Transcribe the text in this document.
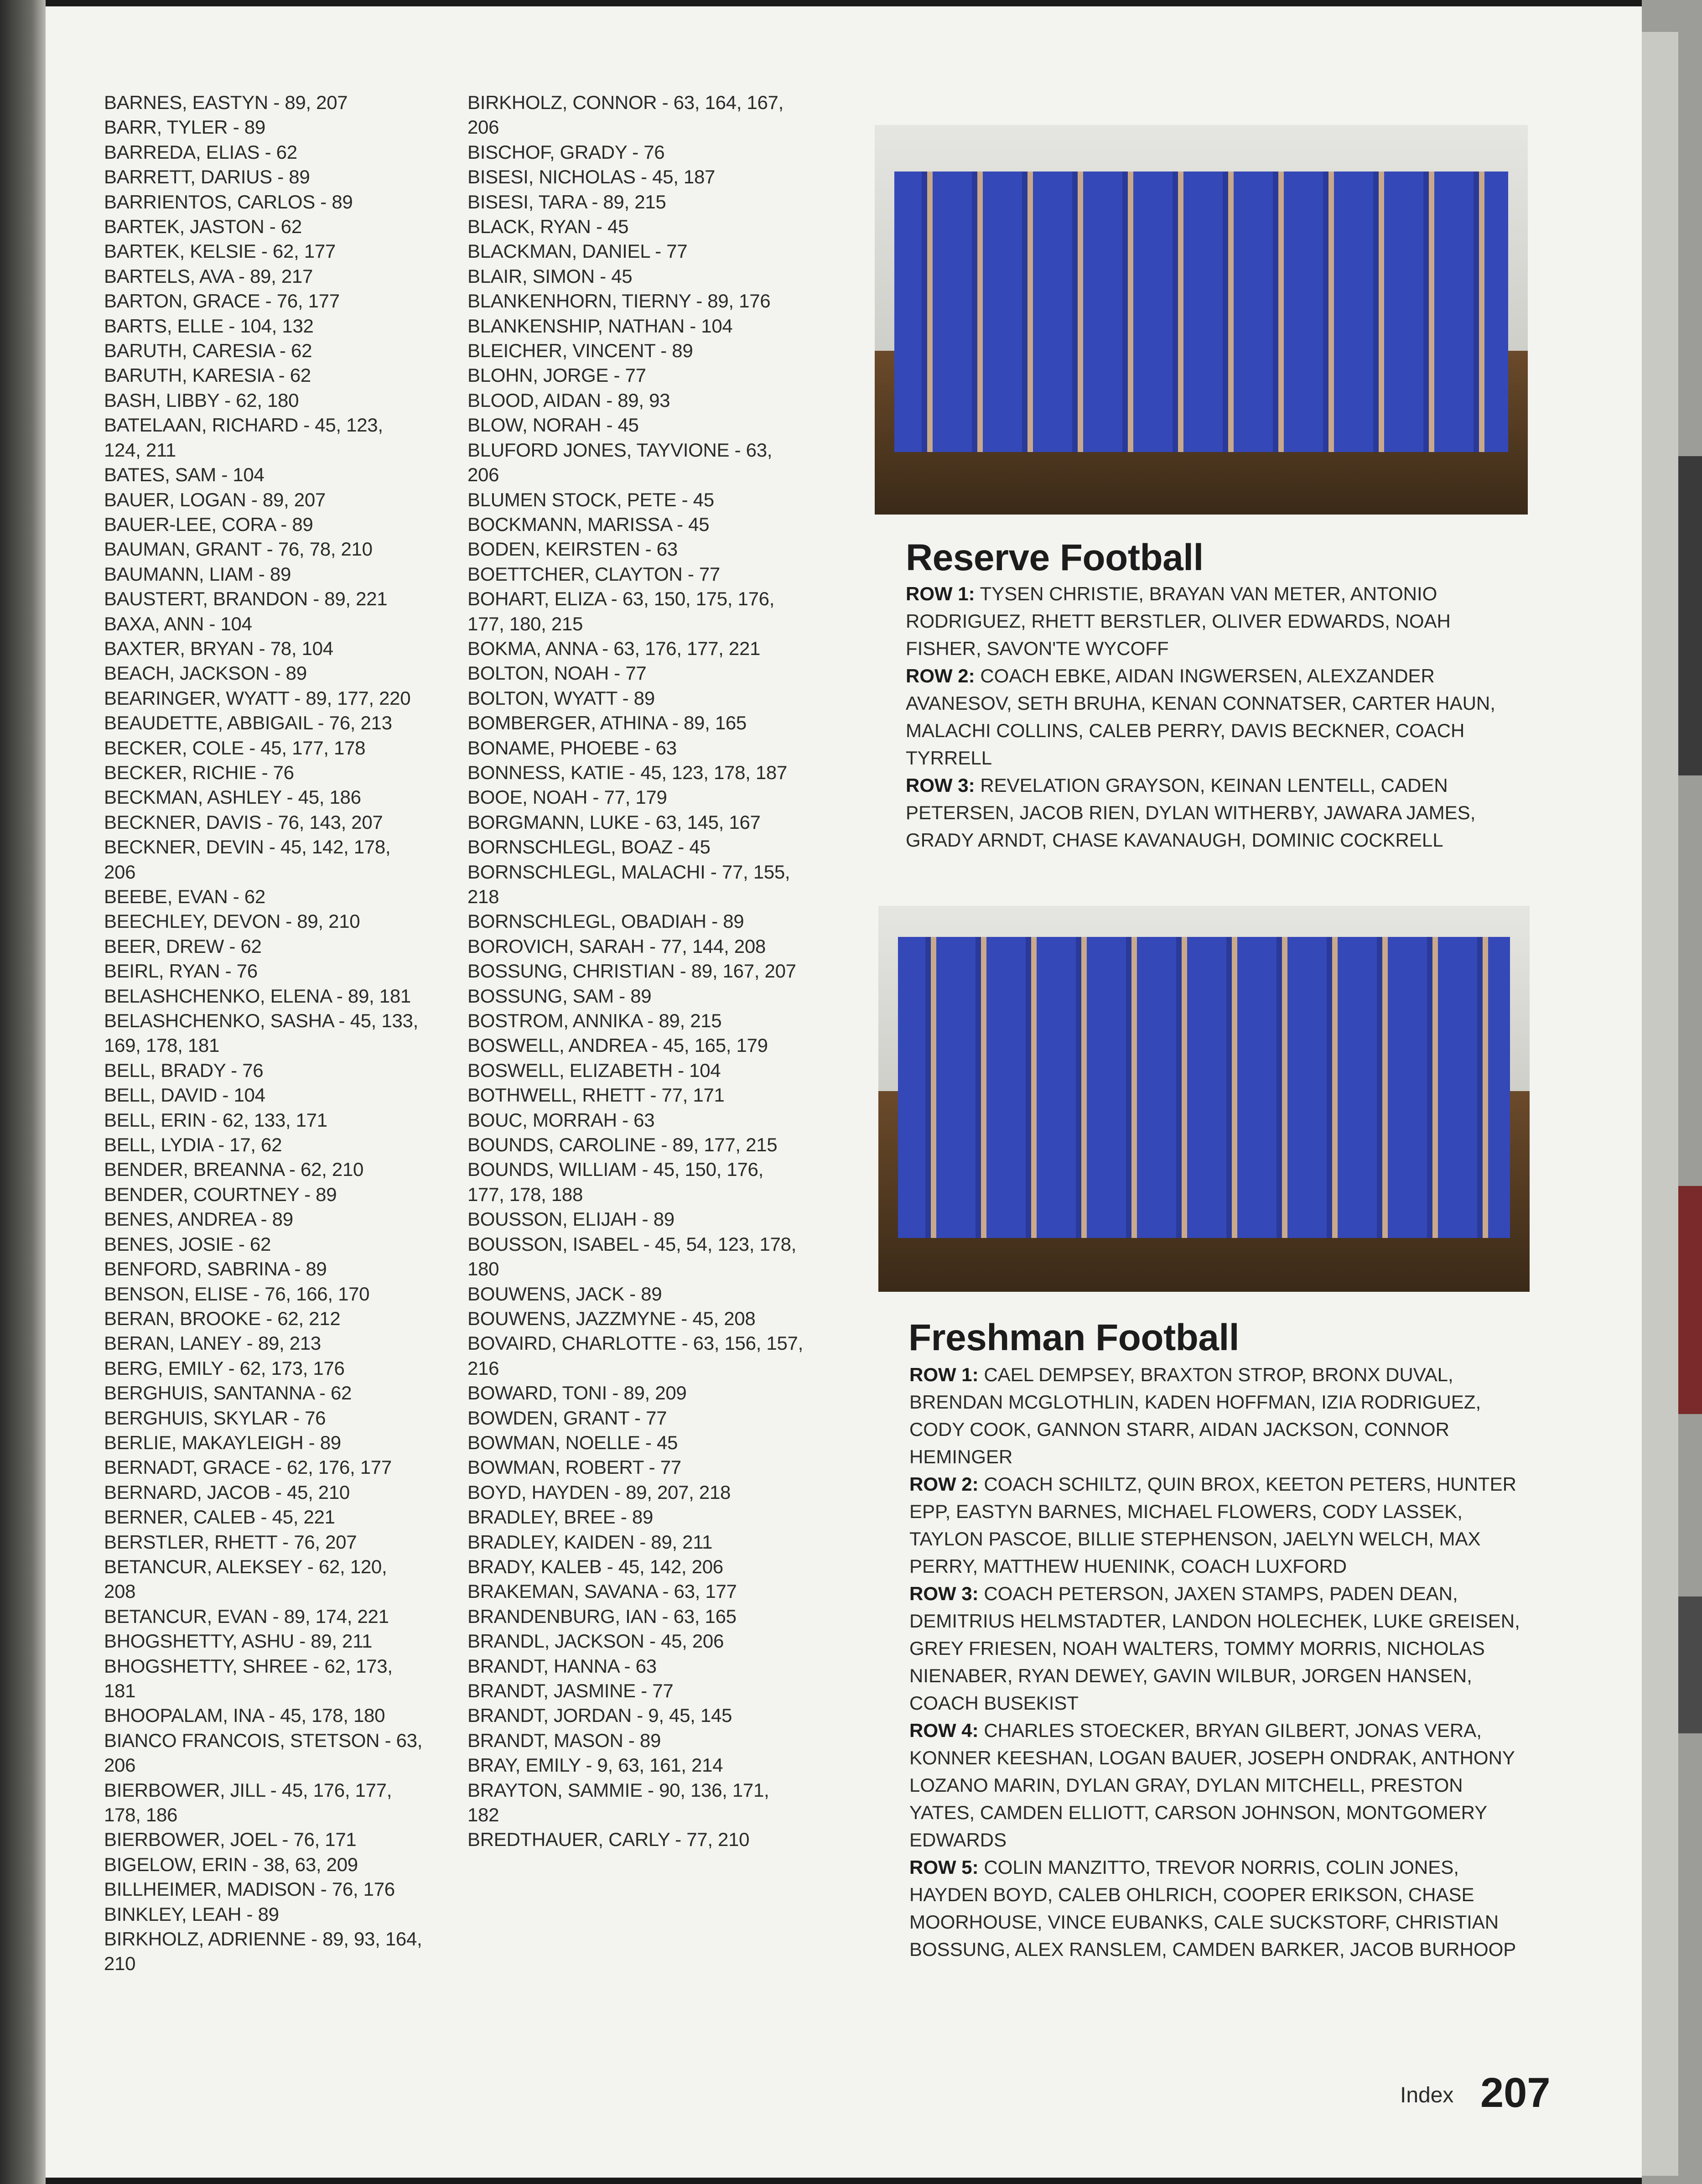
BARNES, EASTYN - 89, 207

BARR, TYLER - 89

BARREDA, ELIAS - 62

BARRETT, DARIUS - 89

BARRIENTOS, CARLOS - 89

BARTEK, JASTON - 62

BARTEK, KELSIE - 62, 177

BARTELS, AVA - 89, 217

BARTON, GRACE - 76, 177

BARTS, ELLE - 104, 132

BARUTH, CARESIA - 62

BARUTH, KARESIA - 62

BASH, LIBBY - 62, 180

BATELAAN, RICHARD - 45, 123, 124, 211

BATES, SAM - 104

BAUER, LOGAN - 89, 207

BAUER-LEE, CORA - 89

BAUMAN, GRANT - 76, 78, 210

BAUMANN, LIAM - 89

BAUSTERT, BRANDON - 89, 221

BAXA, ANN - 104

BAXTER, BRYAN - 78, 104

BEACH, JACKSON - 89

BEARINGER, WYATT - 89, 177, 220

BEAUDETTE, ABBIGAIL - 76, 213

BECKER, COLE - 45, 177, 178

BECKER, RICHIE - 76

BECKMAN, ASHLEY - 45, 186

BECKNER, DAVIS - 76, 143, 207

BECKNER, DEVIN - 45, 142, 178, 206

BEEBE, EVAN - 62

BEECHLEY, DEVON - 89, 210

BEER, DREW - 62

BEIRL, RYAN - 76

BELASHCHENKO, ELENA - 89, 181

BELASHCHENKO, SASHA - 45, 133, 169, 178, 181

BELL, BRADY - 76

BELL, DAVID - 104

BELL, ERIN - 62, 133, 171

BELL, LYDIA - 17, 62

BENDER, BREANNA - 62, 210

BENDER, COURTNEY - 89

BENES, ANDREA - 89

BENES, JOSIE - 62

BENFORD, SABRINA - 89

BENSON, ELISE - 76, 166, 170

BERAN, BROOKE - 62, 212

BERAN, LANEY - 89, 213

BERG, EMILY - 62, 173, 176

BERGHUIS, SANTANNA - 62

BERGHUIS, SKYLAR - 76

BERLIE, MAKAYLEIGH - 89

BERNADT, GRACE - 62, 176, 177

BERNARD, JACOB - 45, 210

BERNER, CALEB - 45, 221

BERSTLER, RHETT - 76, 207

BETANCUR, ALEKSEY - 62, 120, 208

BETANCUR, EVAN - 89, 174, 221

BHOGSHETTY, ASHU - 89, 211

BHOGSHETTY, SHREE - 62, 173, 181

BHOOPALAM, INA - 45, 178, 180

BIANCO FRANCOIS, STETSON - 63, 206

BIERBOWER, JILL - 45, 176, 177, 178, 186

BIERBOWER, JOEL - 76, 171

BIGELOW, ERIN - 38, 63, 209

BILLHEIMER, MADISON - 76, 176

BINKLEY, LEAH - 89

BIRKHOLZ, ADRIENNE - 89, 93, 164, 210

BIRKHOLZ, CONNOR - 63, 164, 167, 206

BISCHOF, GRADY - 76

BISESI, NICHOLAS - 45, 187

BISESI, TARA - 89, 215

BLACK, RYAN - 45

BLACKMAN, DANIEL - 77

BLAIR, SIMON - 45

BLANKENHORN, TIERNY - 89, 176

BLANKENSHIP, NATHAN - 104

BLEICHER, VINCENT - 89

BLOHN, JORGE - 77

BLOOD, AIDAN - 89, 93

BLOW, NORAH - 45

BLUFORD JONES, TAYVIONE - 63, 206

BLUMEN STOCK, PETE - 45

BOCKMANN, MARISSA - 45

BODEN, KEIRSTEN - 63

BOETTCHER, CLAYTON - 77

BOHART, ELIZA - 63, 150, 175, 176, 177, 180, 215

BOKMA, ANNA - 63, 176, 177, 221

BOLTON, NOAH - 77

BOLTON, WYATT - 89

BOMBERGER, ATHINA - 89, 165

BONAME, PHOEBE - 63

BONNESS, KATIE - 45, 123, 178, 187

BOOE, NOAH - 77, 179

BORGMANN, LUKE - 63, 145, 167

BORNSCHLEGL, BOAZ - 45

BORNSCHLEGL, MALACHI - 77, 155, 218

BORNSCHLEGL, OBADIAH - 89

BOROVICH, SARAH - 77, 144, 208

BOSSUNG, CHRISTIAN - 89, 167, 207

BOSSUNG, SAM - 89

BOSTROM, ANNIKA - 89, 215

BOSWELL, ANDREA - 45, 165, 179

BOSWELL, ELIZABETH - 104

BOTHWELL, RHETT - 77, 171

BOUC, MORRAH - 63

BOUNDS, CAROLINE - 89, 177, 215

BOUNDS, WILLIAM - 45, 150, 176, 177, 178, 188

BOUSSON, ELIJAH - 89

BOUSSON, ISABEL - 45, 54, 123, 178, 180

BOUWENS, JACK - 89

BOUWENS, JAZZMYNE - 45, 208

BOVAIRD, CHARLOTTE - 63, 156, 157, 216

BOWARD, TONI - 89, 209

BOWDEN, GRANT - 77

BOWMAN, NOELLE - 45

BOWMAN, ROBERT - 77

BOYD, HAYDEN - 89, 207, 218

BRADLEY, BREE - 89

BRADLEY, KAIDEN - 89, 211

BRADY, KALEB - 45, 142, 206

BRAKEMAN, SAVANA - 63, 177

BRANDENBURG, IAN - 63, 165

BRANDL, JACKSON - 45, 206

BRANDT, HANNA - 63

BRANDT, JASMINE - 77

BRANDT, JORDAN - 9, 45, 145

BRANDT, MASON - 89

BRAY, EMILY - 9, 63, 161, 214

BRAYTON, SAMMIE - 90, 136, 171, 182

BREDTHAUER, CARLY - 77, 210

Reserve Football
ROW 1: TYSEN CHRISTIE, BRAYAN VAN METER, ANTONIO RODRIGUEZ, RHETT BERSTLER, OLIVER EDWARDS, NOAH FISHER, SAVON'TE WYCOFF
ROW 2: COACH EBKE, AIDAN INGWERSEN, ALEXZANDER AVANESOV, SETH BRUHA, KENAN CONNATSER, CARTER HAUN, MALACHI COLLINS, CALEB PERRY, DAVIS BECKNER, COACH TYRRELL
ROW 3: REVELATION GRAYSON, KEINAN LENTELL, CADEN PETERSEN, JACOB RIEN, DYLAN WITHERBY, JAWARA JAMES, GRADY ARNDT, CHASE KAVANAUGH, DOMINIC COCKRELL
Freshman Football
ROW 1: CAEL DEMPSEY, BRAXTON STROP, BRONX DUVAL, BRENDAN MCGLOTHLIN, KADEN HOFFMAN, IZIA RODRIGUEZ, CODY COOK, GANNON STARR, AIDAN JACKSON, CONNOR HEMINGER
ROW 2: COACH SCHILTZ, QUIN BROX, KEETON PETERS, HUNTER EPP, EASTYN BARNES, MICHAEL FLOWERS, CODY LASSEK, TAYLON PASCOE, BILLIE STEPHENSON, JAELYN WELCH, MAX PERRY, MATTHEW HUENINK, COACH LUXFORD
ROW 3: COACH PETERSON, JAXEN STAMPS, PADEN DEAN, DEMITRIUS HELMSTADTER, LANDON HOLECHEK, LUKE GREISEN, GREY FRIESEN, NOAH WALTERS, TOMMY MORRIS, NICHOLAS NIENABER, RYAN DEWEY, GAVIN WILBUR, JORGEN HANSEN, COACH BUSEKIST
ROW 4: CHARLES STOECKER, BRYAN GILBERT, JONAS VERA, KONNER KEESHAN, LOGAN BAUER, JOSEPH ONDRAK, ANTHONY LOZANO MARIN, DYLAN GRAY, DYLAN MITCHELL, PRESTON YATES, CAMDEN ELLIOTT, CARSON JOHNSON, MONTGOMERY EDWARDS
ROW 5: COLIN MANZITTO, TREVOR NORRIS, COLIN JONES, HAYDEN BOYD, CALEB OHLRICH, COOPER ERIKSON, CHASE MOORHOUSE, VINCE EUBANKS, CALE SUCKSTORF, CHRISTIAN BOSSUNG, ALEX RANSLEM, CAMDEN BARKER, JACOB BURHOOP
Index 207
